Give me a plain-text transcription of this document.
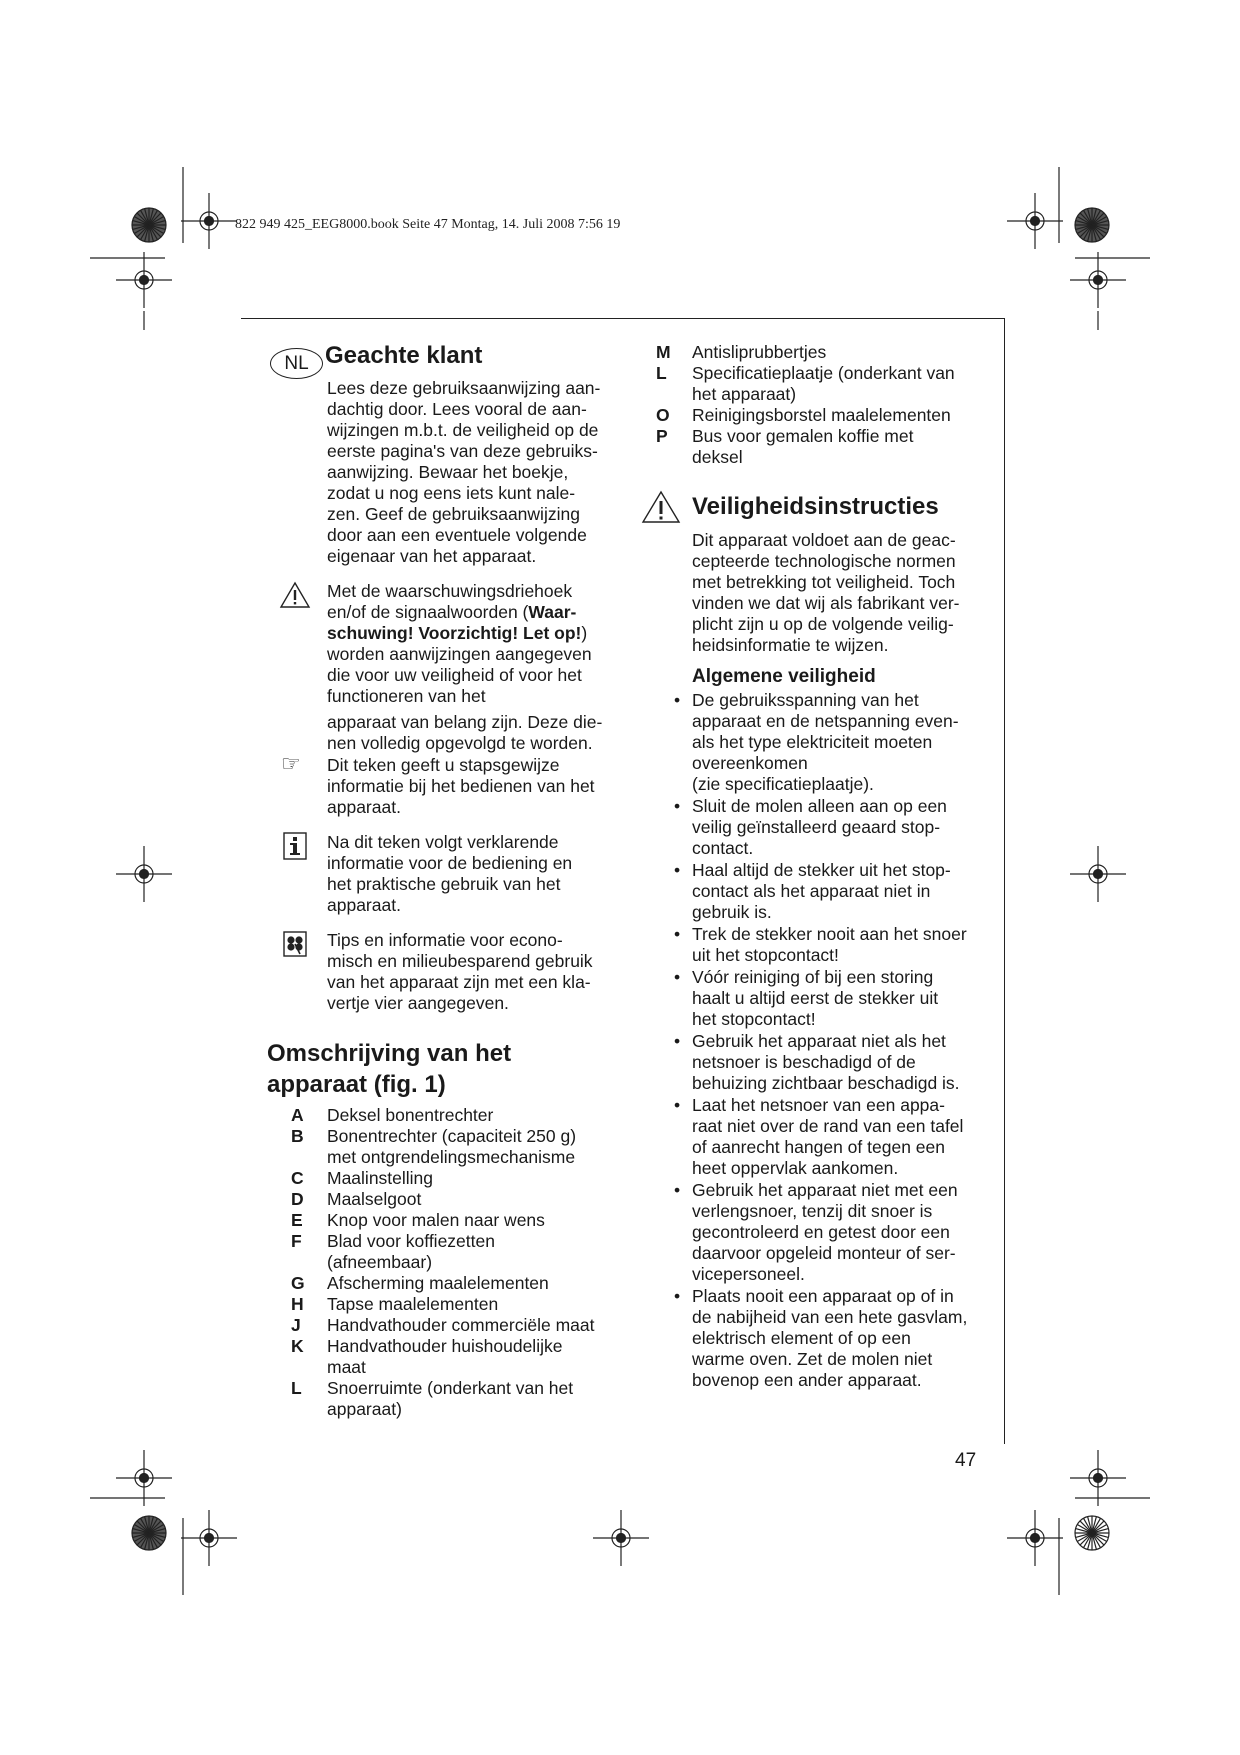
822 949 425_EEG8000.book Seite 47 Montag, 14. Juli 2008 7:56 19
NL Geachte klant
Lees deze gebruiksaanwijzing aan-
dachtig door. Lees vooral de aan-
wijzingen m.b.t. de veiligheid op de
eerste pagina's van deze gebruiks-
aanwijzing. Bewaar het boekje,
zodat u nog eens iets kunt nale-
zen. Geef de gebruiksaanwijzing
door aan een eventuele volgende
eigenaar van het apparaat.
Met de waarschuwingsdriehoek
en/of de signaalwoorden (Waar-
schuwing! Voorzichtig! Let op!)
worden aanwijzingen aangegeven
die voor uw veiligheid of voor het
functioneren van het
apparaat van belang zijn. Deze die-
nen volledig opgevolgd te worden.
☞ Dit teken geeft u stapsgewijze
informatie bij het bedienen van het
apparaat.
Na dit teken volgt verklarende
informatie voor de bediening en
het praktische gebruik van het
apparaat.
Tips en informatie voor econo-
misch en milieubesparend gebruik
van het apparaat zijn met een kla-
vertje vier aangegeven.
Omschrijving van het
apparaat (fig. 1)
A	Deksel bonentrechter
B	Bonentrechter (capaciteit 250 g)
met ontgrendelingsmechanisme
C	Maalinstelling
D	Maalselgoot
E	Knop voor malen naar wens
F	Blad voor koffiezetten
(afneembaar)
G	Afscherming maalelementen
H	Tapse maalelementen
J	Handvathouder commerciële maat
K	Handvathouder huishoudelijke
maat
L	Snoerruimte (onderkant van het
apparaat)
M	Antisliprubbertjes
L	Specificatieplaatje (onderkant van
het apparaat)
O	Reinigingsborstel maalelementen
P	Bus voor gemalen koffie met
deksel
Veiligheidsinstructies
Dit apparaat voldoet aan de geac-
cepteerde technologische normen
met betrekking tot veiligheid. Toch
vinden we dat wij als fabrikant ver-
plicht zijn u op de volgende veilig-
heidsinformatie te wijzen.
Algemene veiligheid
• De gebruiksspanning van het
apparaat en de netspanning even-
als het type elektriciteit moeten
overeenkomen
(zie specificatieplaatje).
• Sluit de molen alleen aan op een
veilig geïnstalleerd geaard stop-
contact.
• Haal altijd de stekker uit het stop-
contact als het apparaat niet in
gebruik is.
• Trek de stekker nooit aan het snoer
uit het stopcontact!
• Vóór reiniging of bij een storing
haalt u altijd eerst de stekker uit
het stopcontact!
• Gebruik het apparaat niet als het
netsnoer is beschadigd of de
behuizing zichtbaar beschadigd is.
• Laat het netsnoer van een appa-
raat niet over de rand van een tafel
of aanrecht hangen of tegen een
heet oppervlak aankomen.
• Gebruik het apparaat niet met een
verlengsnoer, tenzij dit snoer is
gecontroleerd en getest door een
daarvoor opgeleid monteur of ser-
vicepersoneel.
• Plaats nooit een apparaat op of in
de nabijheid van een hete gasvlam,
elektrisch element of op een
warme oven. Zet de molen niet
bovenop een ander apparaat.
47
